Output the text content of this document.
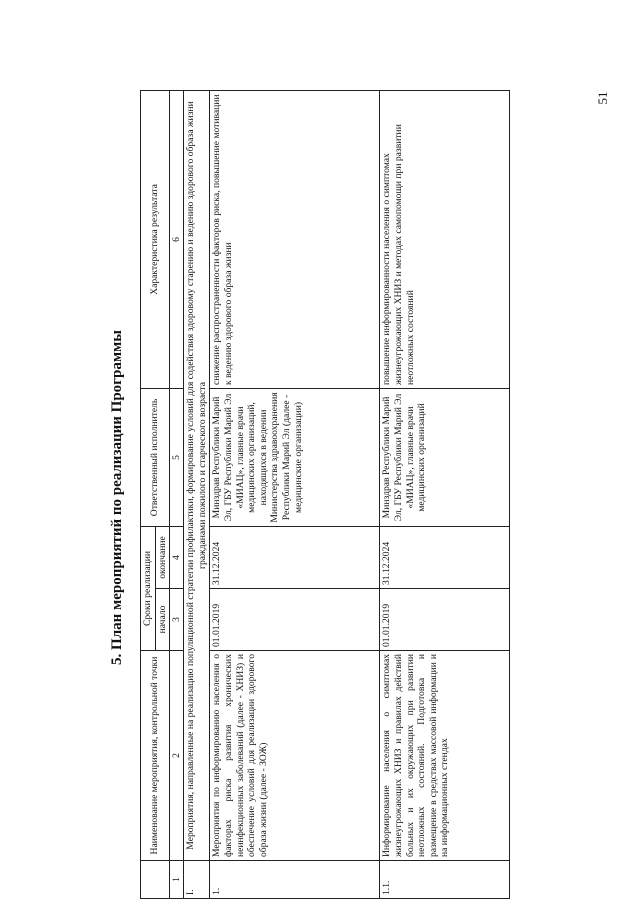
51
5. План мероприятий по реализации Программы
	Наименование мероприятия, контрольной точки	Сроки реализации		Ответственный исполнитель	Характеристика результата
		начало	окончание		
1	2	3	4	5	6
I.	Мероприятия, направленные на реализацию популяционной стратегии профилактики, формирование условий для содействия здоровому старению и ведению здорового образа жизни гражданами пожилого и старческого возраста				
1.	Мероприятия по информированию населения о факторах риска развития хронических неинфекционных заболеваний (далее - ХНИЗ) и обеспечение условий для реализации здорового образа жизни (далее - ЗОЖ)	01.01.2019	31.12.2024	Минздрав Республики Марий Эл, ГБУ Республики Марий Эл «МИАЦ», главные врачи медицинских организаций, находящихся в ведении Министерства здравоохранения Республики Марий Эл (далее - медицинские организации)	снижение распространенности факторов риска, повышение мотивации к ведению здорового образа жизни
1.1.	Информирование населения о симптомах жизнеугрожающих ХНИЗ и правилах действий больных и их окружающих при развитии неотложных состояний. Подготовка и размещение в средствах массовой информации и на информационных стендах	01.01.2019	31.12.2024	Минздрав Республики Марий Эл, ГБУ Республики Марий Эл «МИАЦ», главные врачи медицинских организаций	повышение информированности населения о симптомах жизнеугрожающих ХНИЗ и методах самопомощи при развитии неотложных состояний
